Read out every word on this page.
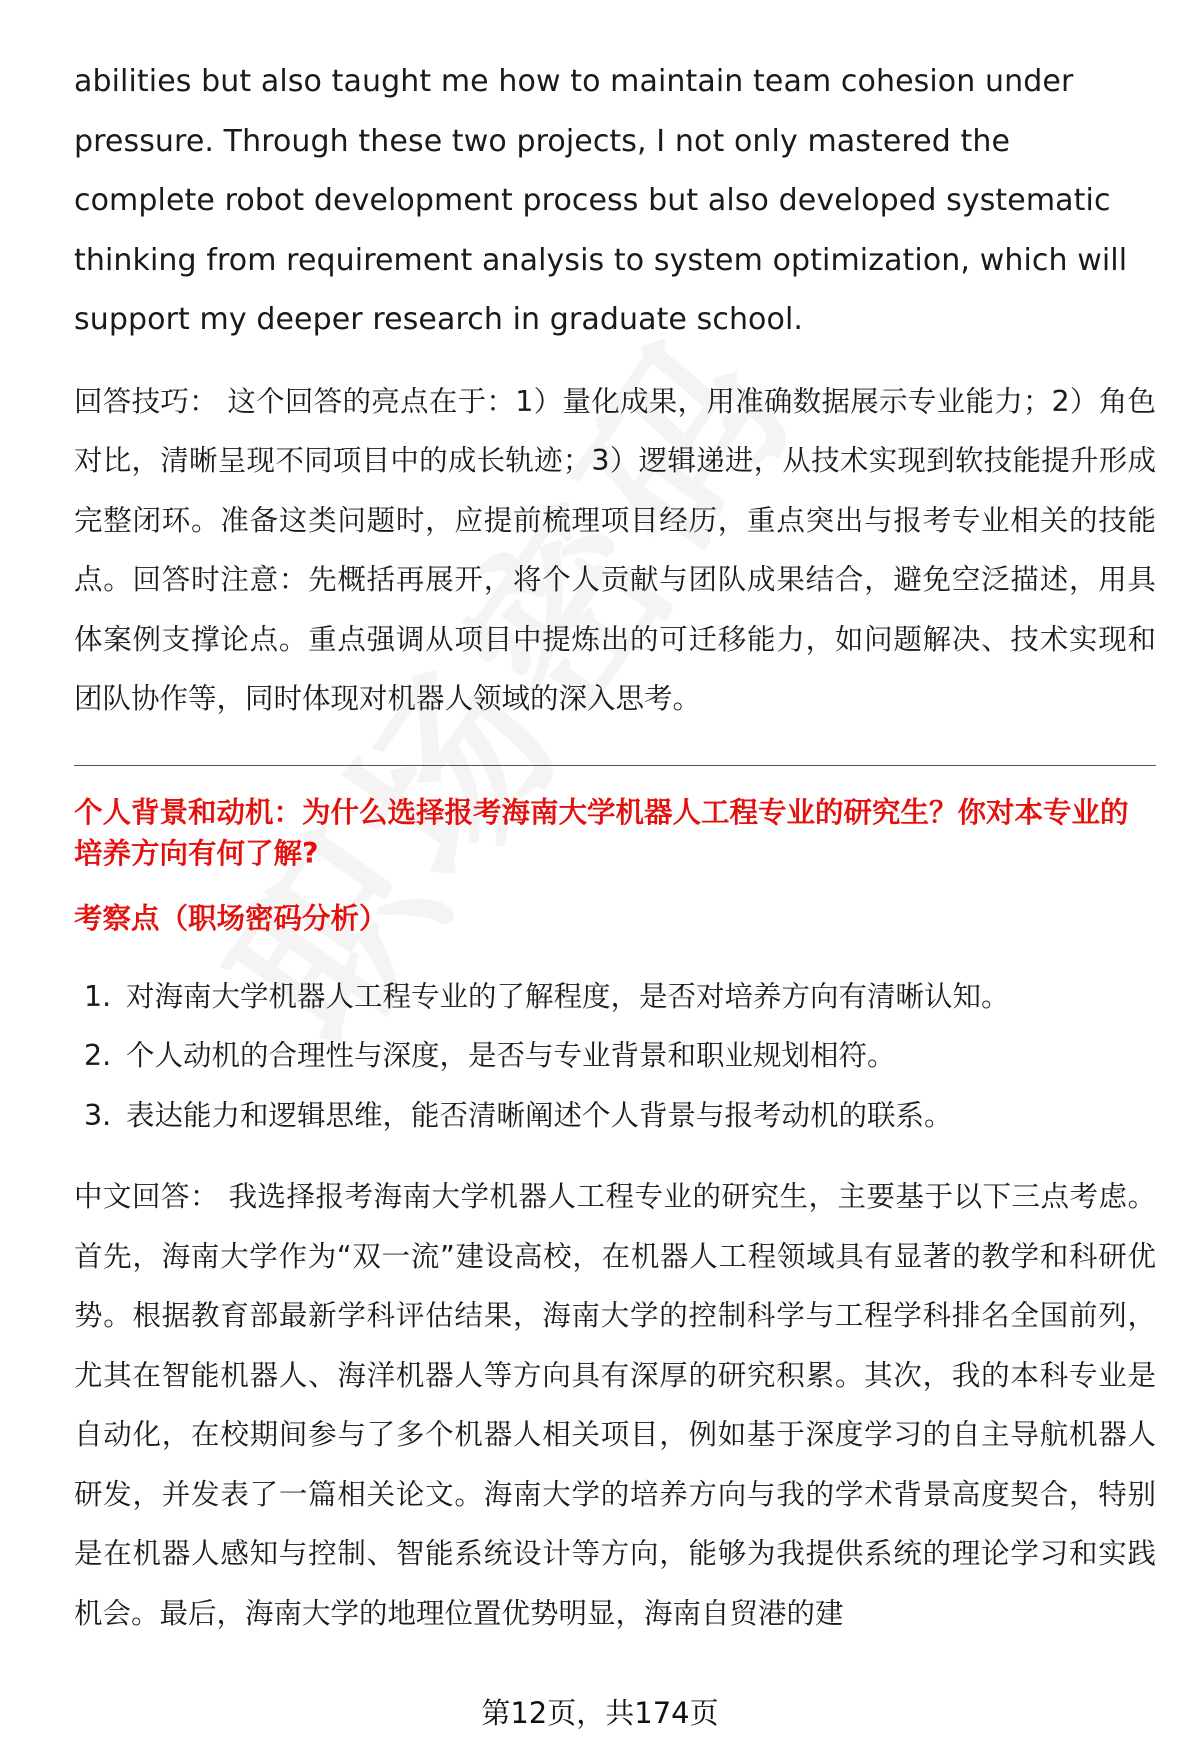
abilities but also taught me how to maintain team cohesion under pressure. Through these two projects, I not only mastered the complete robot development process but also developed systematic thinking from requirement analysis to system optimization, which will support my deeper research in graduate school.

回答技巧： 这个回答的亮点在于：1）量化成果，用准确数据展示专业能力；2）角色对比，清晰呈现不同项目中的成长轨迹；3）逻辑递进，从技术实现到软技能提升形成完整闭环。准备这类问题时，应提前梳理项目经历，重点突出与报考专业相关的技能点。回答时注意：先概括再展开，将个人贡献与团队成果结合，避免空泛描述，用具体案例支撑论点。重点强调从项目中提炼出的可迁移能力，如问题解决、技术实现和团队协作等，同时体现对机器人领域的深入思考。

个人背景和动机：为什么选择报考海南大学机器人工程专业的研究生？你对本专业的培养方向有何了解?
考察点（职场密码分析）
1. 对海南大学机器人工程专业的了解程度，是否对培养方向有清晰认知。
2. 个人动机的合理性与深度，是否与专业背景和职业规划相符。
3. 表达能力和逻辑思维，能否清晰阐述个人背景与报考动机的联系。

中文回答： 我选择报考海南大学机器人工程专业的研究生，主要基于以下三点考虑。首先，海南大学作为“双一流”建设高校，在机器人工程领域具有显著的教学和科研优势。根据教育部最新学科评估结果，海南大学的控制科学与工程学科排名全国前列，尤其在智能机器人、海洋机器人等方向具有深厚的研究积累。其次，我的本科专业是自动化，在校期间参与了多个机器人相关项目，例如基于深度学习的自主导航机器人研发，并发表了一篇相关论文。海南大学的培养方向与我的学术背景高度契合，特别是在机器人感知与控制、智能系统设计等方向，能够为我提供系统的理论学习和实践机会。最后，海南大学的地理位置优势明显，海南自贸港的建

第12页，共174页
